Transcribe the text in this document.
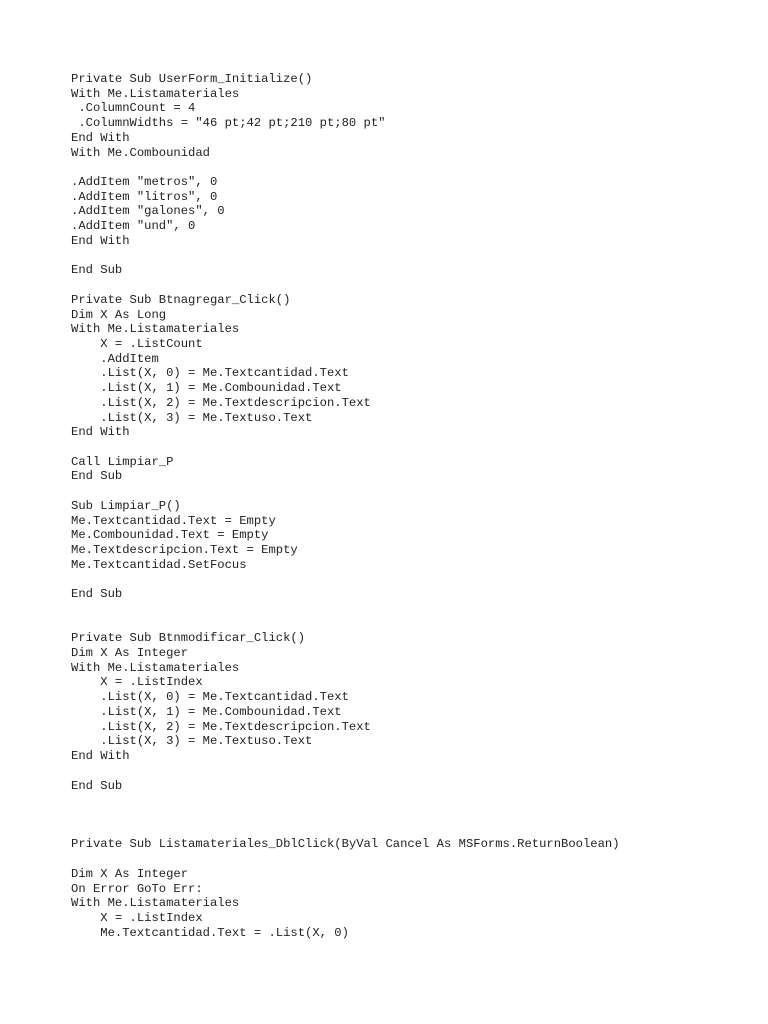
Private Sub UserForm_Initialize()
With Me.Listamateriales
.ColumnCount = 4
.ColumnWidths = "46 pt;42 pt;210 pt;80 pt"
End With
With Me.Combounidad
.AddItem "metros", 0
.AddItem "litros", 0
.AddItem "galones", 0
.AddItem "und", 0
End With
End Sub
Private Sub Btnagregar_Click()
Dim X As Long
With Me.Listamateriales
X = .ListCount
.AddItem
.List(X, 0) = Me.Textcantidad.Text
.List(X, 1) = Me.Combounidad.Text
.List(X, 2) = Me.Textdescripcion.Text
.List(X, 3) = Me.Textuso.Text
End With
Call Limpiar_P
End Sub
Sub Limpiar_P()
Me.Textcantidad.Text = Empty
Me.Combounidad.Text = Empty
Me.Textdescripcion.Text = Empty
Me.Textcantidad.SetFocus
End Sub
Private Sub Btnmodificar_Click()
Dim X As Integer
With Me.Listamateriales
X = .ListIndex
.List(X, 0) = Me.Textcantidad.Text
.List(X, 1) = Me.Combounidad.Text
.List(X, 2) = Me.Textdescripcion.Text
.List(X, 3) = Me.Textuso.Text
End With
End Sub
Private Sub Listamateriales_DblClick(ByVal Cancel As MSForms.ReturnBoolean)
Dim X As Integer
On Error GoTo Err:
With Me.Listamateriales
X = .ListIndex
Me.Textcantidad.Text = .List(X, 0)
